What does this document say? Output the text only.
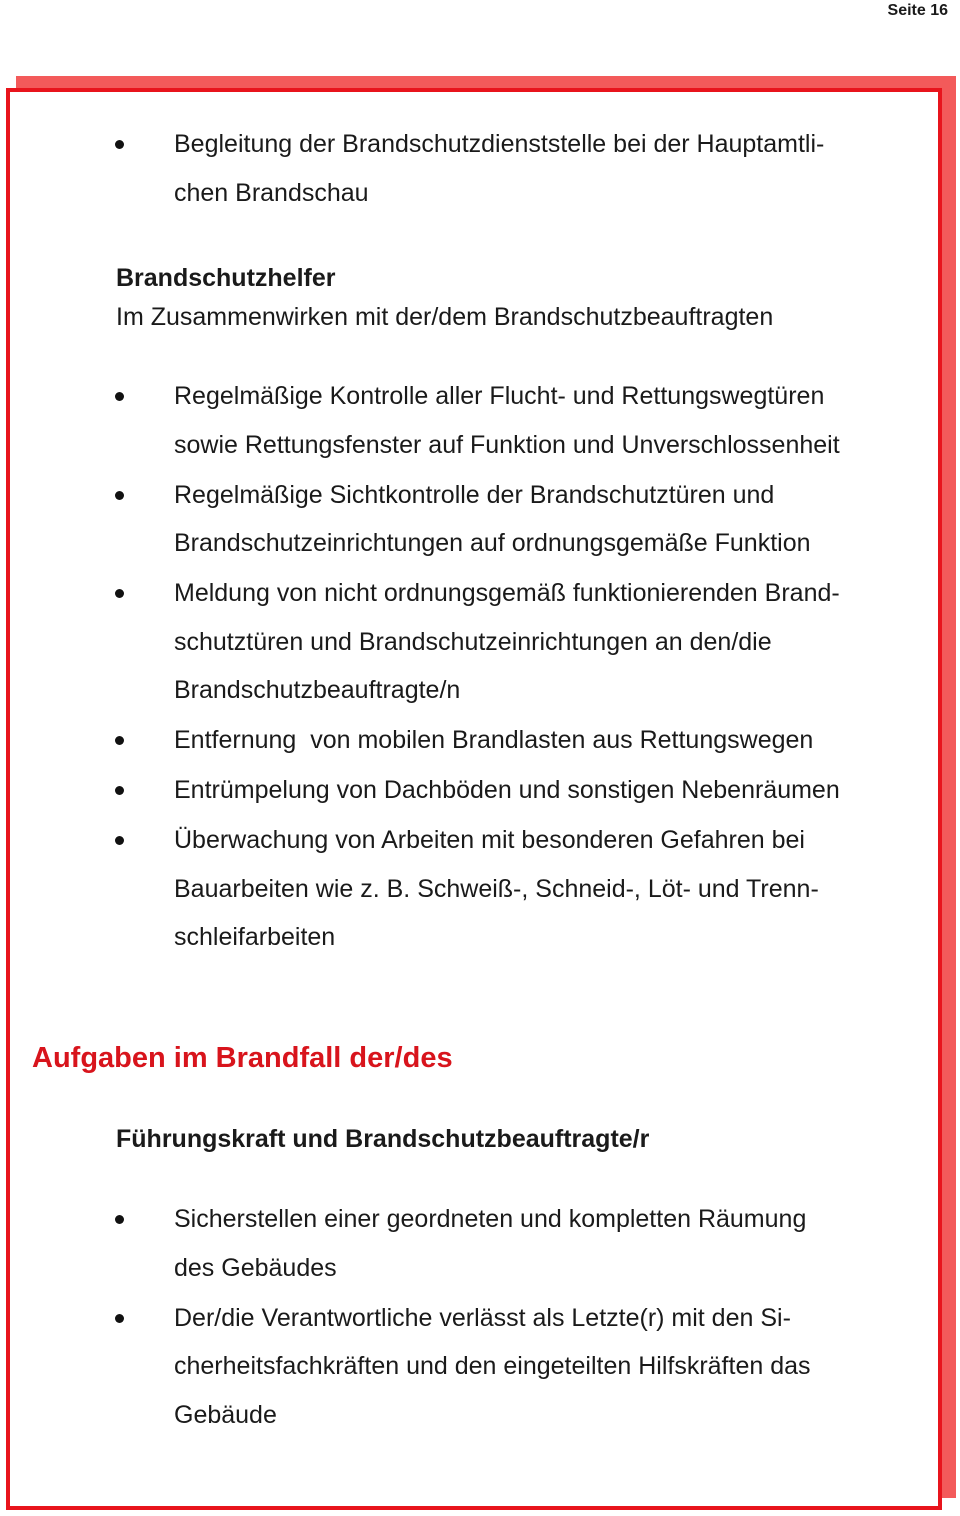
Seite 16
Begleitung der Brandschutzdienststelle bei der Hauptamtli-
chen Brandschau
Brandschutzhelfer
Im Zusammenwirken mit der/dem Brandschutzbeauftragten
Regelmäßige Kontrolle aller Flucht- und Rettungswegtüren
sowie Rettungsfenster auf Funktion und Unverschlossenheit
Regelmäßige Sichtkontrolle der Brandschutztüren und
Brandschutzeinrichtungen auf ordnungsgemäße Funktion
Meldung von nicht ordnungsgemäß funktionierenden Brand-
schutztüren und Brandschutzeinrichtungen an den/die
Brandschutzbeauftragte/n
Entfernung  von mobilen Brandlasten aus Rettungswegen
Entrümpelung von Dachböden und sonstigen Nebenräumen
Überwachung von Arbeiten mit besonderen Gefahren bei
Bauarbeiten wie z. B. Schweiß-, Schneid-, Löt- und Trenn-
schleifarbeiten
Aufgaben im Brandfall der/des
Führungskraft und Brandschutzbeauftragte/r
Sicherstellen einer geordneten und kompletten Räumung
des Gebäudes
Der/die Verantwortliche verlässt als Letzte(r) mit den Si-
cherheitsfachkräften und den eingeteilten Hilfskräften das
Gebäude
